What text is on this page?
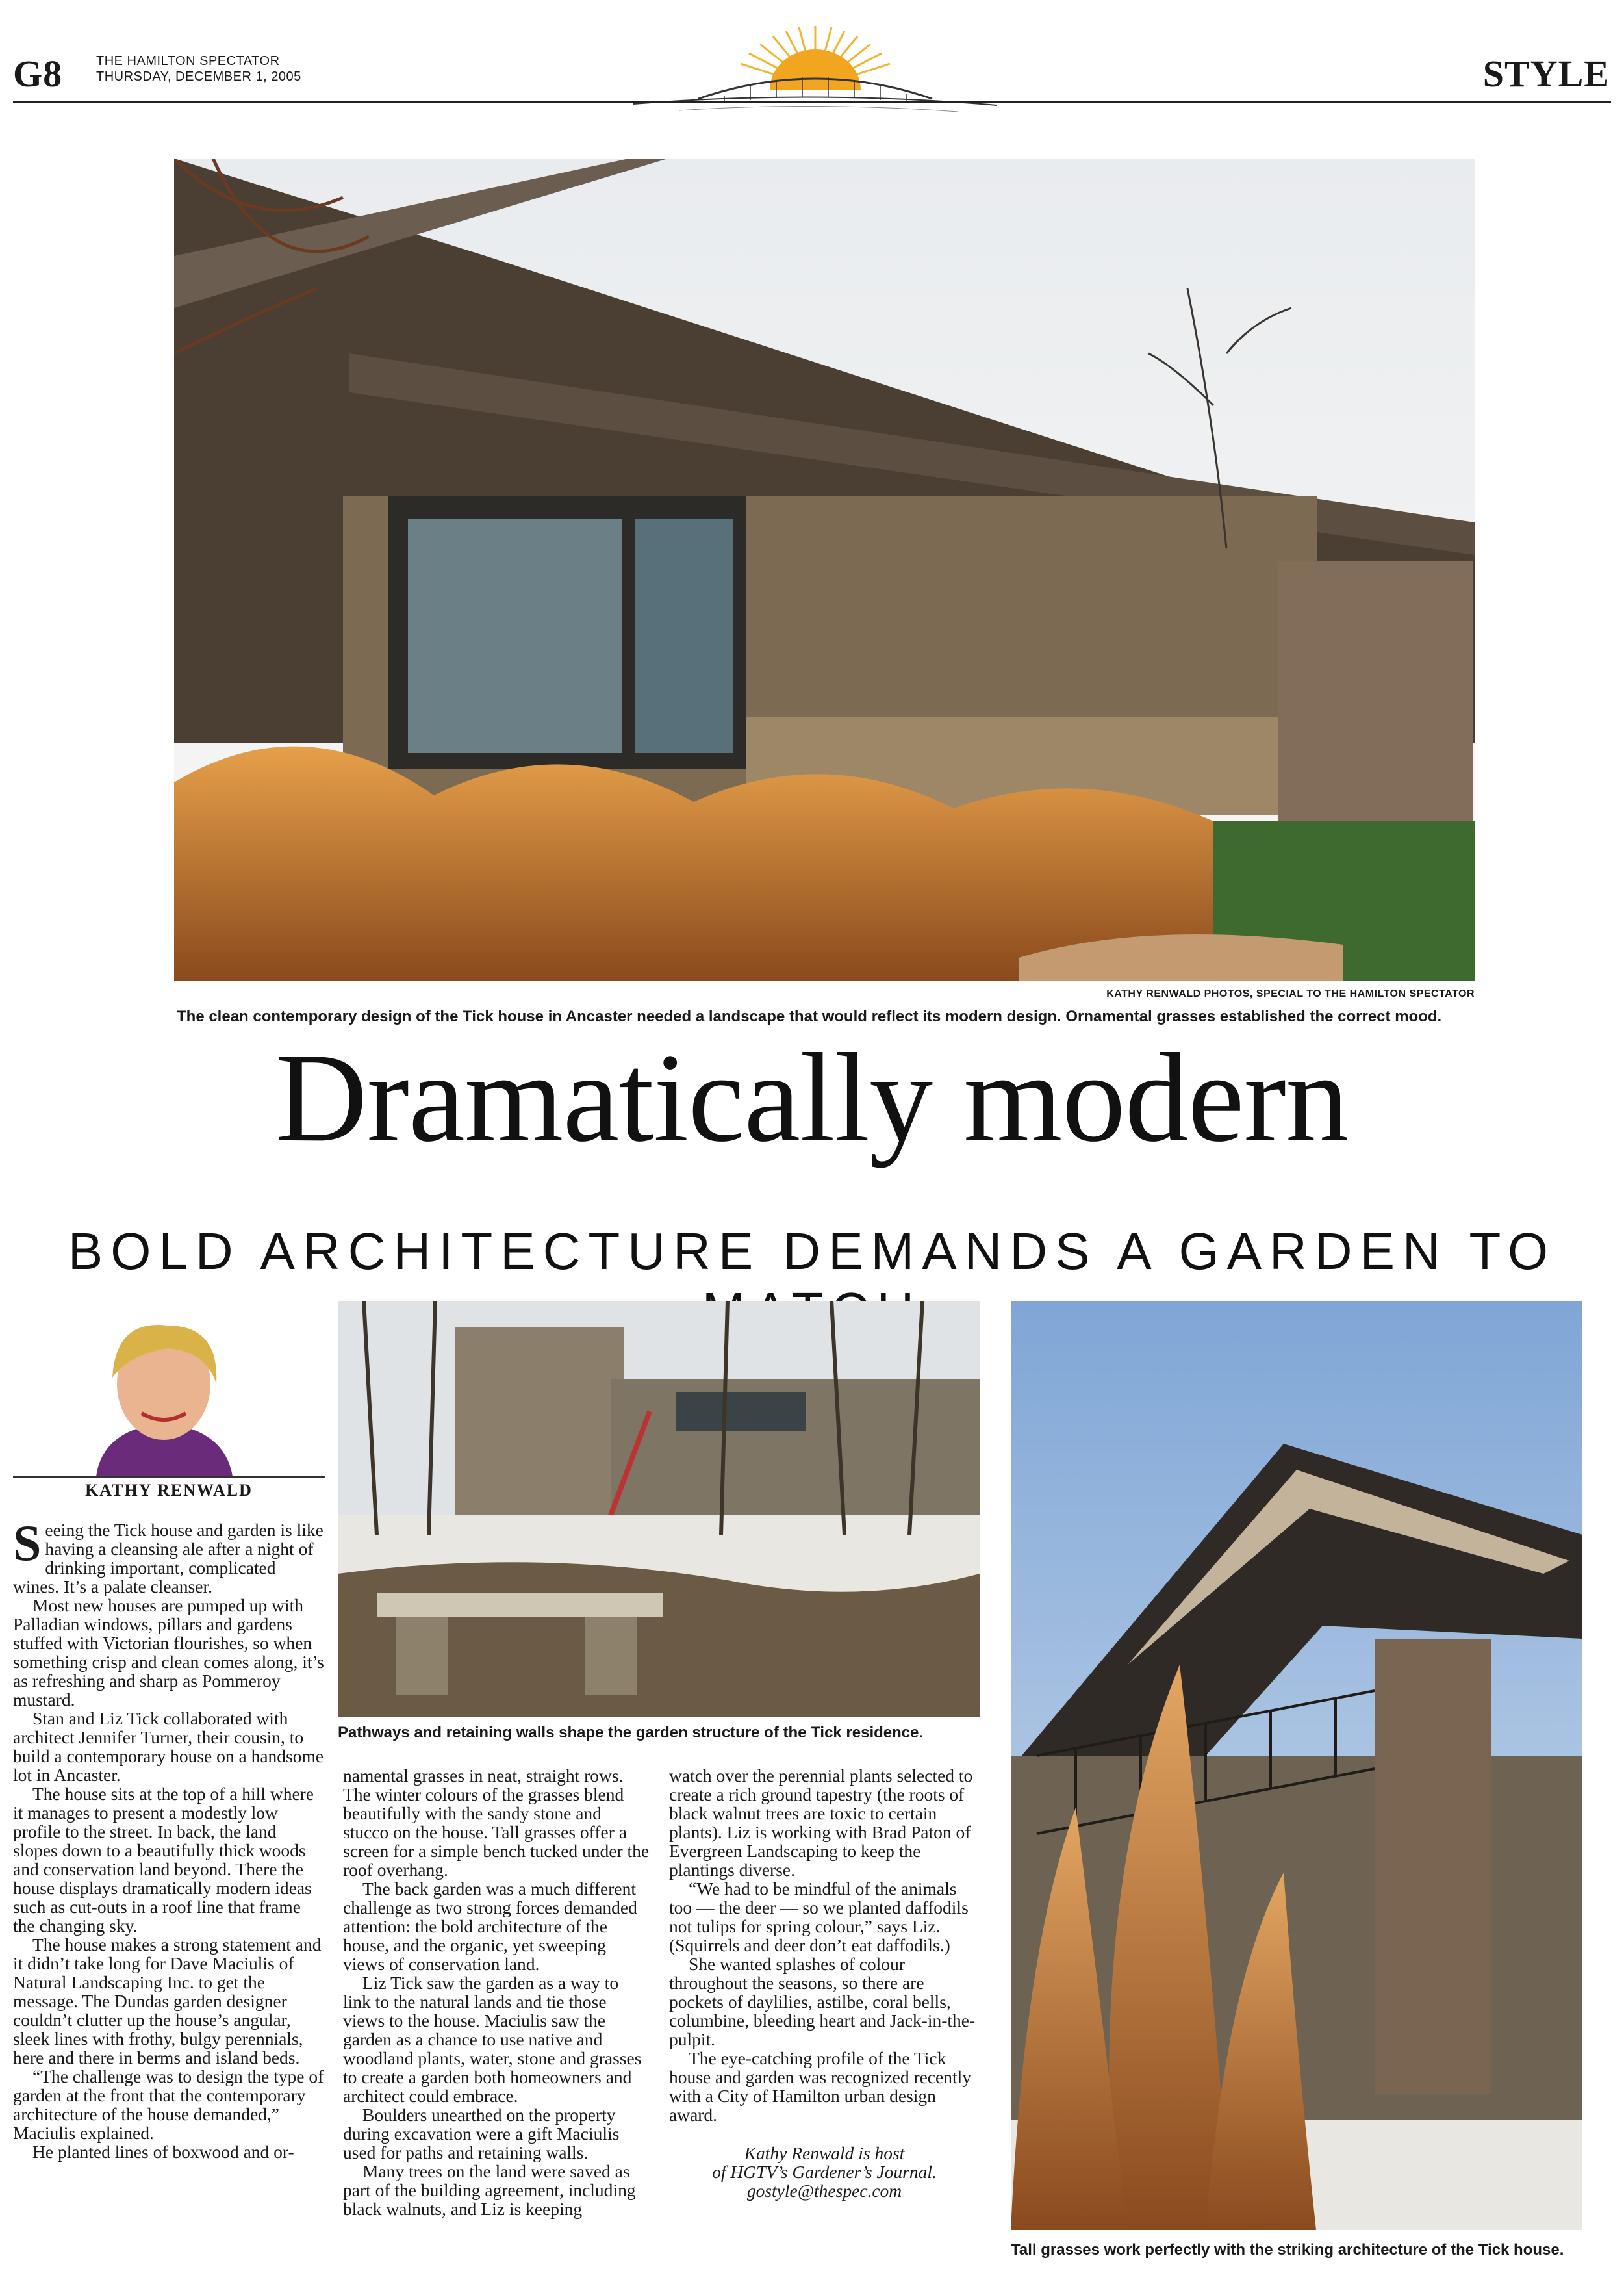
G8	THE HAMILTON SPECTATOR
THURSDAY, DECEMBER 1, 2005	STYLE
KATHY RENWALD PHOTOS, SPECIAL TO THE HAMILTON SPECTATOR
The clean contemporary design of the Tick house in Ancaster needed a landscape that would reflect its modern design. Ornamental grasses established the correct mood.
Dramatically modern
BOLD ARCHITECTURE DEMANDS A GARDEN TO
KATHY RENWALD
Pathways and retaining walls shape the garden structure of the Tick residence.
Tall grasses work perfectly with the striking architecture of the Tick house.

Seeing the Tick house and garden is like having a cleansing ale after a night of drinking important, complicated wines. It’s a palate cleanser.

Most new houses are pumped up with Palladian windows, pillars and gardens stuffed with Victorian flourishes, so when something crisp and clean comes along, it’s as refreshing and sharp as Pommeroy mustard.

Stan and Liz Tick collaborated with architect Jennifer Turner, their cousin, to build a contemporary house on a handsome lot in Ancaster.

The house sits at the top of a hill where it manages to present a modestly low profile to the street. In back, the land slopes down to a beautifully thick woods and conservation land beyond. There the house displays dramatically modern ideas such as cut-outs in a roof line that frame the changing sky.

The house makes a strong statement and it didn’t take long for Dave Maciulis of Natural Landscaping Inc. to get the message. The Dundas garden designer couldn’t clutter up the house’s angular, sleek lines with frothy, bulgy perennials, here and there in berms and island beds.

“The challenge was to design the type of garden at the front that the contemporary architecture of the house demanded,” Maciulis explained.

He planted lines of boxwood and or-

namental grasses in neat, straight rows. The winter colours of the grasses blend beautifully with the sandy stone and stucco on the house. Tall grasses offer a screen for a simple bench tucked under the roof overhang.

The back garden was a much different challenge as two strong forces demanded attention: the bold architecture of the house, and the organic, yet sweeping views of conservation land.

Liz Tick saw the garden as a way to link to the natural lands and tie those views to the house. Maciulis saw the garden as a chance to use native and woodland plants, water, stone and grasses to create a garden both homeowners and architect could embrace.

Boulders unearthed on the property during excavation were a gift Maciulis used for paths and retaining walls.

Many trees on the land were saved as part of the building agreement, including black walnuts, and Liz is keeping

watch over the perennial plants selected to create a rich ground tapestry (the roots of black walnut trees are toxic to certain plants). Liz is working with Brad Paton of Evergreen Landscaping to keep the plantings diverse.

“We had to be mindful of the animals too — the deer — so we planted daffodils not tulips for spring colour,” says Liz. (Squirrels and deer don’t eat daffodils.)

She wanted splashes of colour throughout the seasons, so there are pockets of daylilies, astilbe, coral bells, columbine, bleeding heart and Jack-in-the-pulpit.

The eye-catching profile of the Tick house and garden was recognized recently with a City of Hamilton urban design award.

Kathy Renwald is host
of HGTV’s Gardener’s Journal.
gostyle@thespec.com
